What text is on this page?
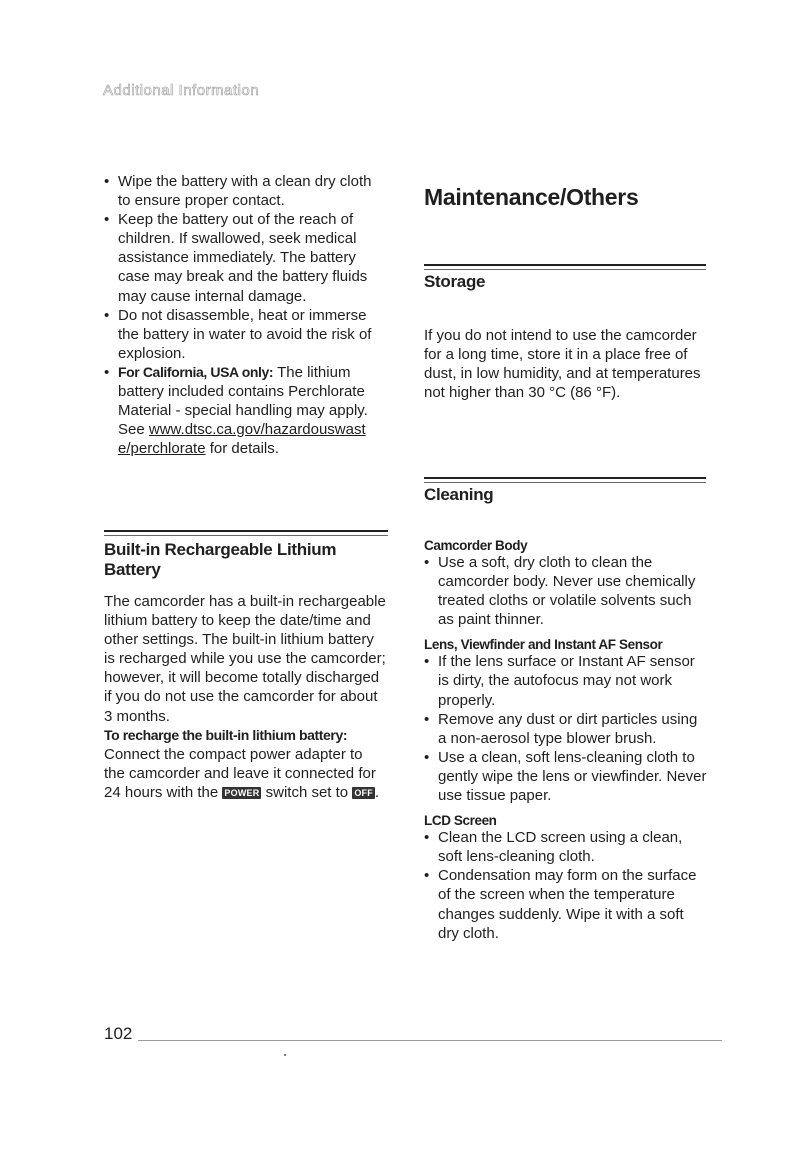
Additional Information
• Wipe the battery with a clean dry cloth to ensure proper contact.
• Keep the battery out of the reach of children. If swallowed, seek medical assistance immediately. The battery case may break and the battery fluids may cause internal damage.
• Do not disassemble, heat or immerse the battery in water to avoid the risk of explosion.
• For California, USA only: The lithium battery included contains Perchlorate Material - special handling may apply. See www.dtsc.ca.gov/hazardouswaste/perchlorate for details.
Built-in Rechargeable Lithium Battery
The camcorder has a built-in rechargeable lithium battery to keep the date/time and other settings. The built-in lithium battery is recharged while you use the camcorder; however, it will become totally discharged if you do not use the camcorder for about 3 months.
To recharge the built-in lithium battery:
Connect the compact power adapter to the camcorder and leave it connected for 24 hours with the POWER switch set to OFF .
Maintenance/Others
Storage
If you do not intend to use the camcorder for a long time, store it in a place free of dust, in low humidity, and at temperatures not higher than 30 °C (86 °F).
Cleaning
Camcorder Body
• Use a soft, dry cloth to clean the camcorder body. Never use chemically treated cloths or volatile solvents such as paint thinner.
Lens, Viewfinder and Instant AF Sensor
• If the lens surface or Instant AF sensor is dirty, the autofocus may not work properly.
• Remove any dust or dirt particles using a non-aerosol type blower brush.
• Use a clean, soft lens-cleaning cloth to gently wipe the lens or viewfinder. Never use tissue paper.
LCD Screen
• Clean the LCD screen using a clean, soft lens-cleaning cloth.
• Condensation may form on the surface of the screen when the temperature changes suddenly. Wipe it with a soft dry cloth.
102
